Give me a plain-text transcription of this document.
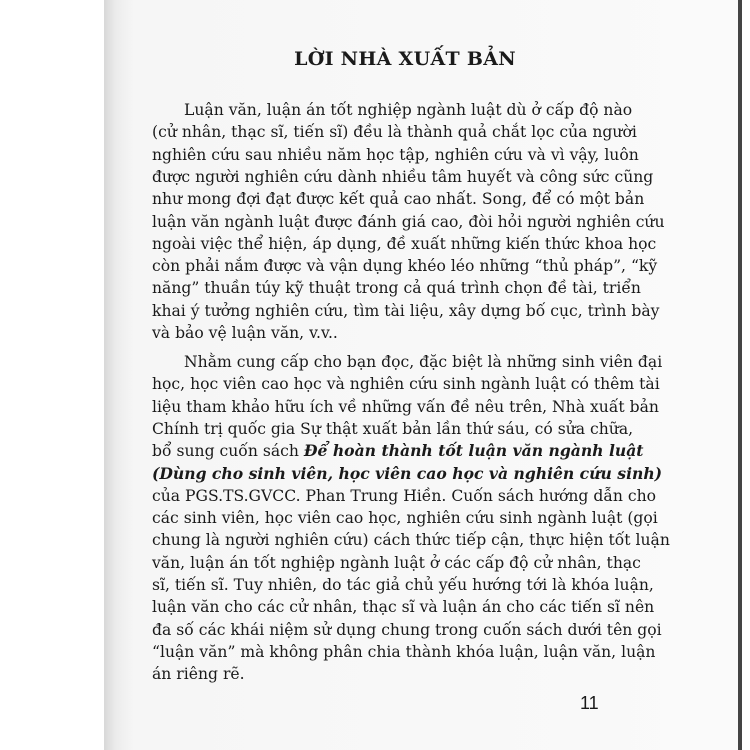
LỜI NHÀ XUẤT BẢN
Luận văn, luận án tốt nghiệp ngành luật dù ở cấp độ nào
(cử nhân, thạc sĩ, tiến sĩ) đều là thành quả chắt lọc của người
nghiên cứu sau nhiều năm học tập, nghiên cứu và vì vậy, luôn
được người nghiên cứu dành nhiều tâm huyết và công sức cũng
như mong đợi đạt được kết quả cao nhất. Song, để có một bản
luận văn ngành luật được đánh giá cao, đòi hỏi người nghiên cứu
ngoài việc thể hiện, áp dụng, đề xuất những kiến thức khoa học
còn phải nắm được và vận dụng khéo léo những “thủ pháp”, “kỹ
năng” thuần túy kỹ thuật trong cả quá trình chọn đề tài, triển
khai ý tưởng nghiên cứu, tìm tài liệu, xây dựng bố cục, trình bày
và bảo vệ luận văn, v.v..
Nhằm cung cấp cho bạn đọc, đặc biệt là những sinh viên đại
học, học viên cao học và nghiên cứu sinh ngành luật có thêm tài
liệu tham khảo hữu ích về những vấn đề nêu trên, Nhà xuất bản
Chính trị quốc gia Sự thật xuất bản lần thứ sáu, có sửa chữa,
bổ sung cuốn sách Để hoàn thành tốt luận văn ngành luật
(Dùng cho sinh viên, học viên cao học và nghiên cứu sinh)
của PGS.TS.GVCC. Phan Trung Hiền. Cuốn sách hướng dẫn cho
các sinh viên, học viên cao học, nghiên cứu sinh ngành luật (gọi
chung là người nghiên cứu) cách thức tiếp cận, thực hiện tốt luận
văn, luận án tốt nghiệp ngành luật ở các cấp độ cử nhân, thạc
sĩ, tiến sĩ. Tuy nhiên, do tác giả chủ yếu hướng tới là khóa luận,
luận văn cho các cử nhân, thạc sĩ và luận án cho các tiến sĩ nên
đa số các khái niệm sử dụng chung trong cuốn sách dưới tên gọi
“luận văn” mà không phân chia thành khóa luận, luận văn, luận
án riêng rẽ.
11
